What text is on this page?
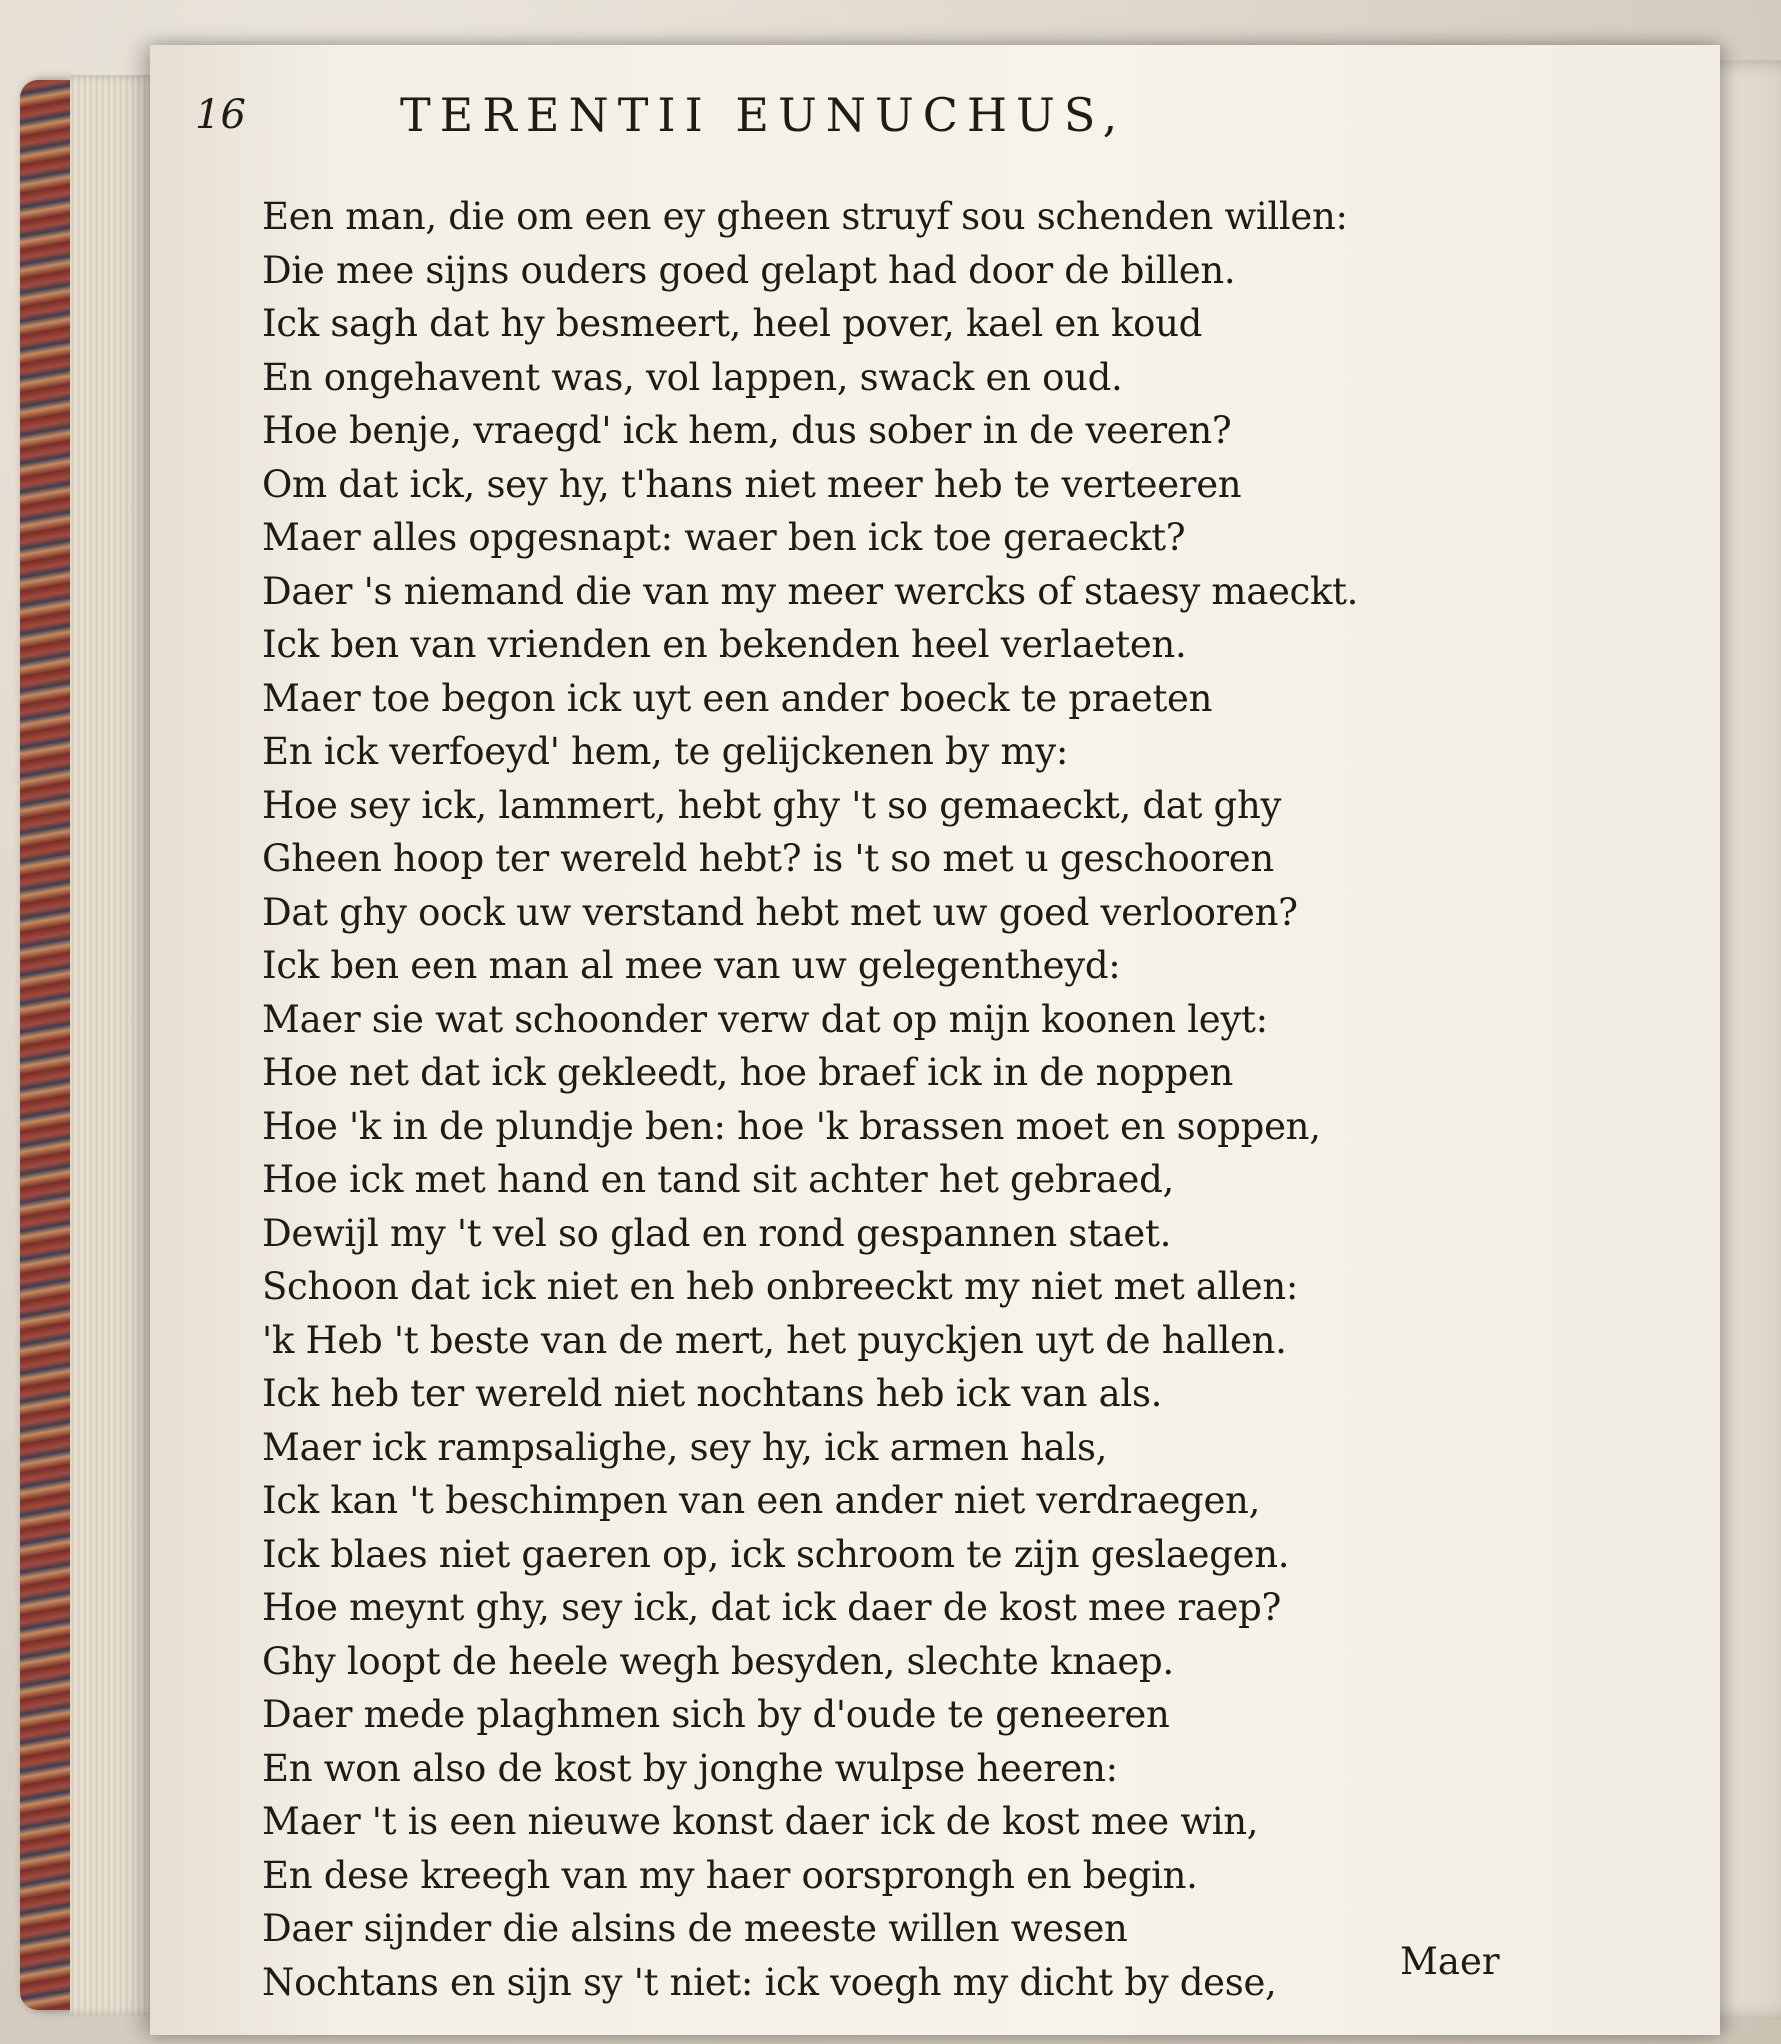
16	TERENTII EUNUCHUS,
Een man, die om een ey gheen struyf sou schenden willen:
Die mee sijns ouders goed gelapt had door de billen.
Ick sagh dat hy besmeert, heel pover, kael en koud
En ongehavent was, vol lappen, swack en oud.
Hoe benje, vraegd' ick hem, dus sober in de veeren?
Om dat ick, sey hy, t'hans niet meer heb te verteeren
Maer alles opgesnapt: waer ben ick toe geraeckt?
Daer 's niemand die van my meer wercks of staesy maeckt.
Ick ben van vrienden en bekenden heel verlaeten.
Maer toe begon ick uyt een ander boeck te praeten
En ick verfoeyd' hem, te gelijckenen by my:
Hoe sey ick, lammert, hebt ghy 't so gemaeckt, dat ghy
Gheen hoop ter wereld hebt? is 't so met u geschooren
Dat ghy oock uw verstand hebt met uw goed verlooren?
Ick ben een man al mee van uw gelegentheyd:
Maer sie wat schoonder verw dat op mijn koonen leyt:
Hoe net dat ick gekleedt, hoe braef ick in de noppen
Hoe 'k in de plundje ben: hoe 'k brassen moet en soppen,
Hoe ick met hand en tand sit achter het gebraed,
Dewijl my 't vel so glad en rond gespannen staet.
Schoon dat ick niet en heb onbreeckt my niet met allen:
'k Heb 't beste van de mert, het puyckjen uyt de hallen.
Ick heb ter wereld niet nochtans heb ick van als.
Maer ick rampsalighe, sey hy, ick armen hals,
Ick kan 't beschimpen van een ander niet verdraegen,
Ick blaes niet gaeren op, ick schroom te zijn geslaegen.
Hoe meynt ghy, sey ick, dat ick daer de kost mee raep?
Ghy loopt de heele wegh besyden, slechte knaep.
Daer mede plaghmen sich by d'oude te geneeren
En won also de kost by jonghe wulpse heeren:
Maer 't is een nieuwe konst daer ick de kost mee win,
En dese kreegh van my haer oorsprongh en begin.
Daer sijnder die alsins de meeste willen wesen
Nochtans en sijn sy 't niet: ick voegh my dicht by dese,	Maer
